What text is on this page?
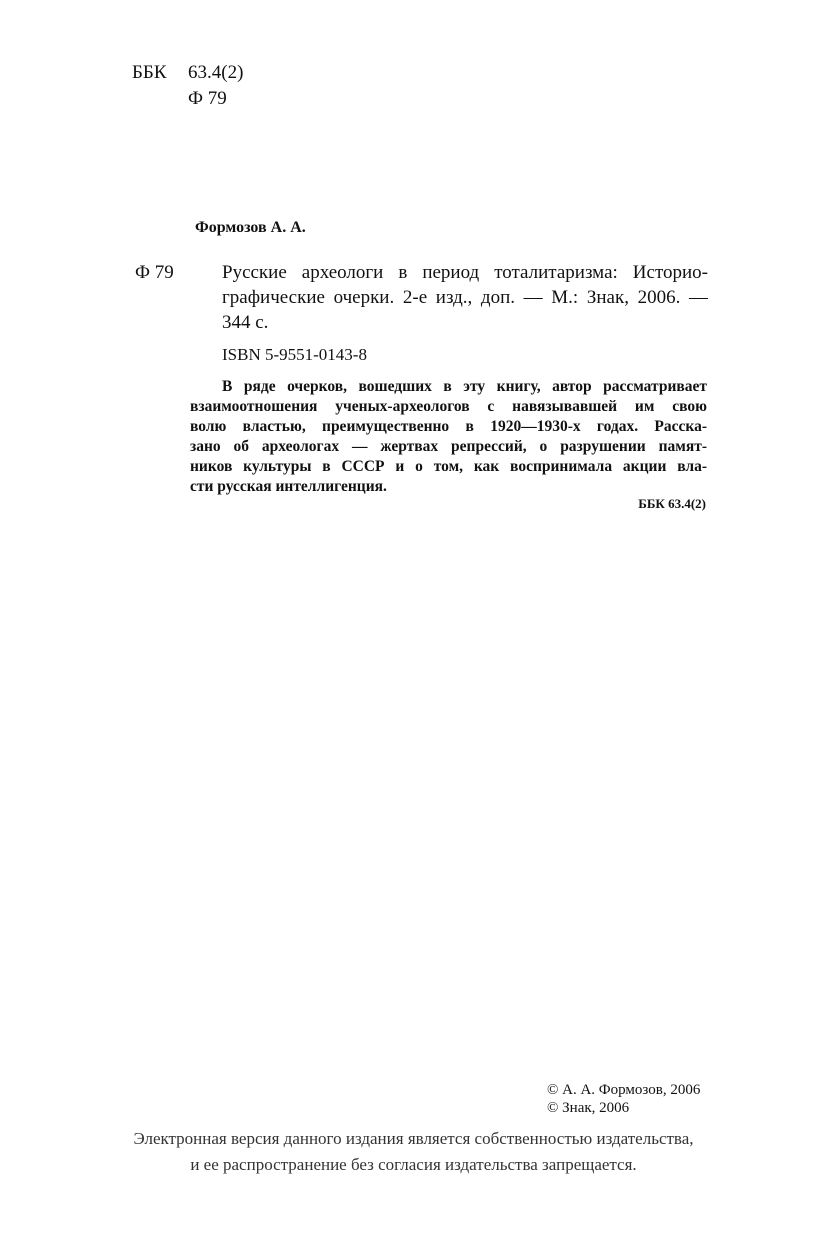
ББК 63.4(2)
Ф 79
Формозов А. А.
Ф 79	Русские археологи в период тоталитаризма: Историо-
графические очерки. 2-е изд., доп. — М.: Знак, 2006. —
344 с.
ISBN 5-9551-0143-8
В ряде очерков, вошедших в эту книгу, автор рассматривает
взаимоотношения ученых-археологов с навязывавшей им свою
волю властью, преимущественно в 1920—1930-х годах. Расска-
зано об археологах — жертвах репрессий, о разрушении памят-
ников культуры в СССР и о том, как воспринимала акции вла-
сти русская интеллигенция.
ББК 63.4(2)
© А. А. Формозов, 2006
© Знак, 2006
Электронная версия данного издания является собственностью издательства,
и ее распространение без согласия издательства запрещается.
